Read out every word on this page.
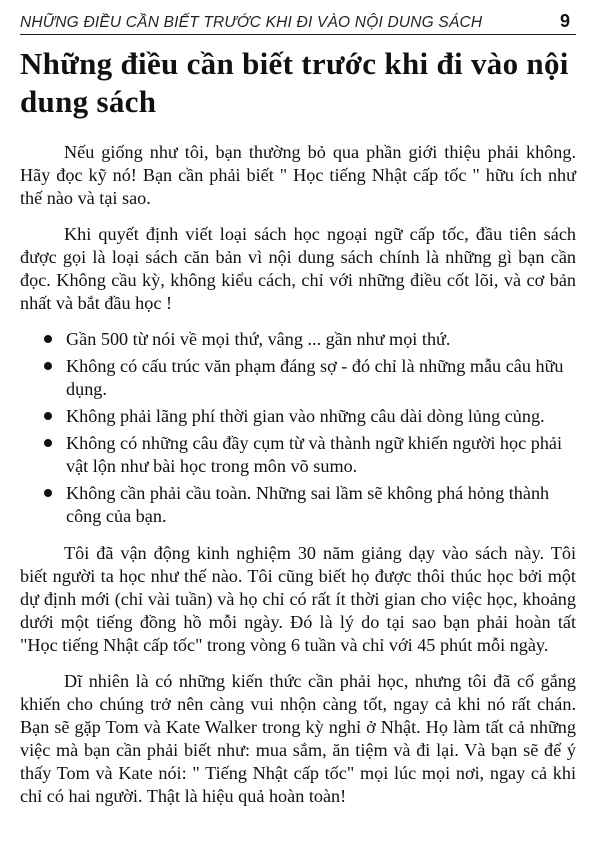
NHỮNG ĐIỀU CẦN BIẾT TRƯỚC KHI ĐI VÀO NỘI DUNG SÁCH	9
Những điều cần biết trước khi đi vào nội dung sách

Nếu giống như tôi, bạn thường bỏ qua phần giới thiệu phải không. Hãy đọc kỹ nó! Bạn cần phải biết " Học tiếng Nhật cấp tốc " hữu ích như thế nào và tại sao.

Khi quyết định viết loại sách học ngoại ngữ cấp tốc, đầu tiên sách được gọi là loại sách căn bản vì nội dung sách chính là những gì bạn cần đọc. Không cầu kỳ, không kiểu cách, chỉ với những điều cốt lõi, và cơ bản nhất và bắt đầu học !

Gần 500 từ nói về mọi thứ, vâng ... gần như mọi thứ.
Không có cấu trúc văn phạm đáng sợ - đó chỉ là những mẫu câu hữu dụng.
Không phải lãng phí thời gian vào những câu dài dòng lủng củng.
Không có những câu đầy cụm từ và thành ngữ khiến người học phải vật lộn như bài học trong môn võ sumo.
Không cần phải cầu toàn. Những sai lầm sẽ không phá hỏng thành công của bạn.

Tôi đã vận động kinh nghiệm 30 năm giảng dạy vào sách này. Tôi biết người ta học như thế nào. Tôi cũng biết họ được thôi thúc học bởi một dự định mới (chỉ vài tuần) và họ chỉ có rất ít thời gian cho việc học, khoảng dưới một tiếng đồng hồ mỗi ngày. Đó là lý do tại sao bạn phải hoàn tất "Học tiếng Nhật cấp tốc" trong vòng 6 tuần và chỉ với 45 phút mỗi ngày.

Dĩ nhiên là có những kiến thức cần phải học, nhưng tôi đã cố gắng khiến cho chúng trở nên càng vui nhộn càng tốt, ngay cả khi nó rất chán. Bạn sẽ gặp Tom và Kate Walker trong kỳ nghỉ ở Nhật. Họ làm tất cả những việc mà bạn cần phải biết như: mua sắm, ăn tiệm và đi lại. Và bạn sẽ để ý thấy Tom và Kate nói: " Tiếng Nhật cấp tốc" mọi lúc mọi nơi, ngay cả khi chỉ có hai người. Thật là hiệu quả hoàn toàn!
